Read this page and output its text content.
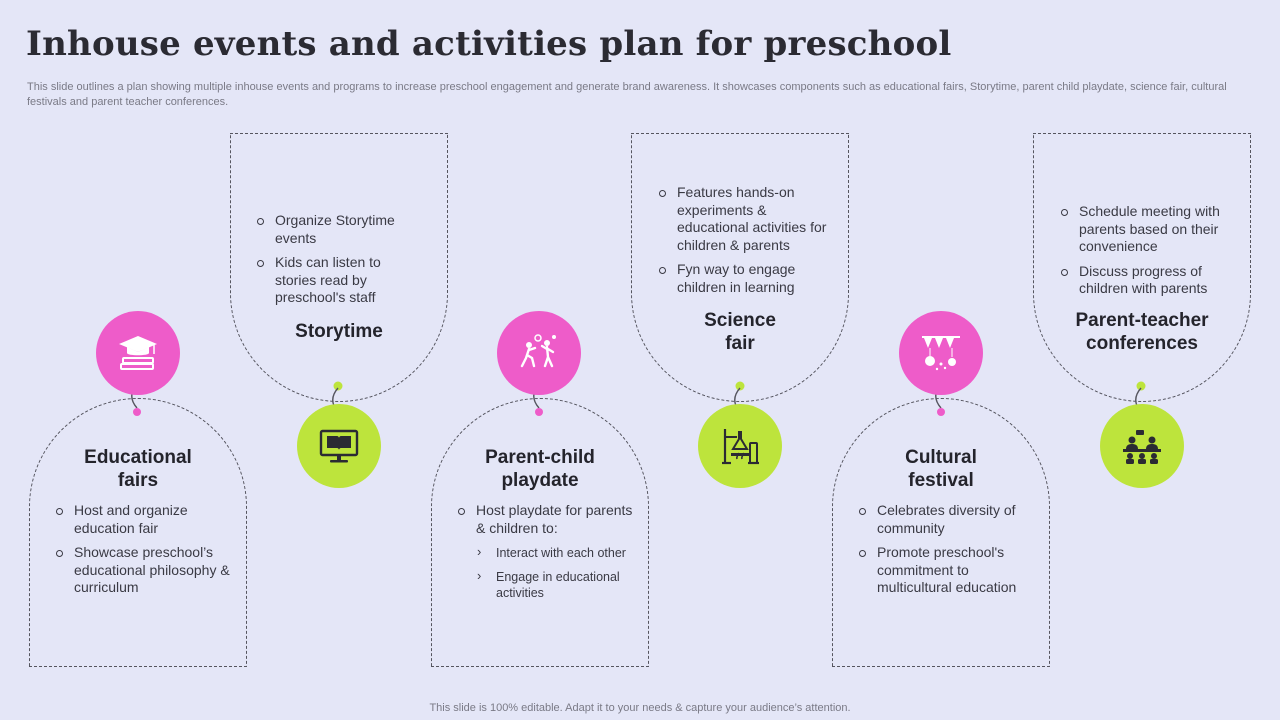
Inhouse events and activities plan for preschool
This slide outlines a plan showing multiple inhouse events and programs to increase preschool engagement and generate brand awareness. It showcases components such as educational fairs, Storytime, parent child playdate, science fair, cultural festivals and parent teacher conferences.
Educational
fairs
Host and organize education fair
Showcase preschool’s educational philosophy & curriculum
Organize Storytime events
Kids can listen to stories read by preschool's staff
Storytime
Parent-child
playdate
Host playdate for parents & children to:
› Interact with each other
› Engage in educational activities
Features hands-on experiments & educational activities for children & parents
Fyn way to engage children in learning
Science
fair
Cultural
festival
Celebrates diversity of community
Promote preschool's commitment to multicultural education
Schedule meeting with parents based on their convenience
Discuss progress of children with parents
Parent-teacher
conferences
This slide is 100% editable. Adapt it to your needs & capture your audience’s attention.
